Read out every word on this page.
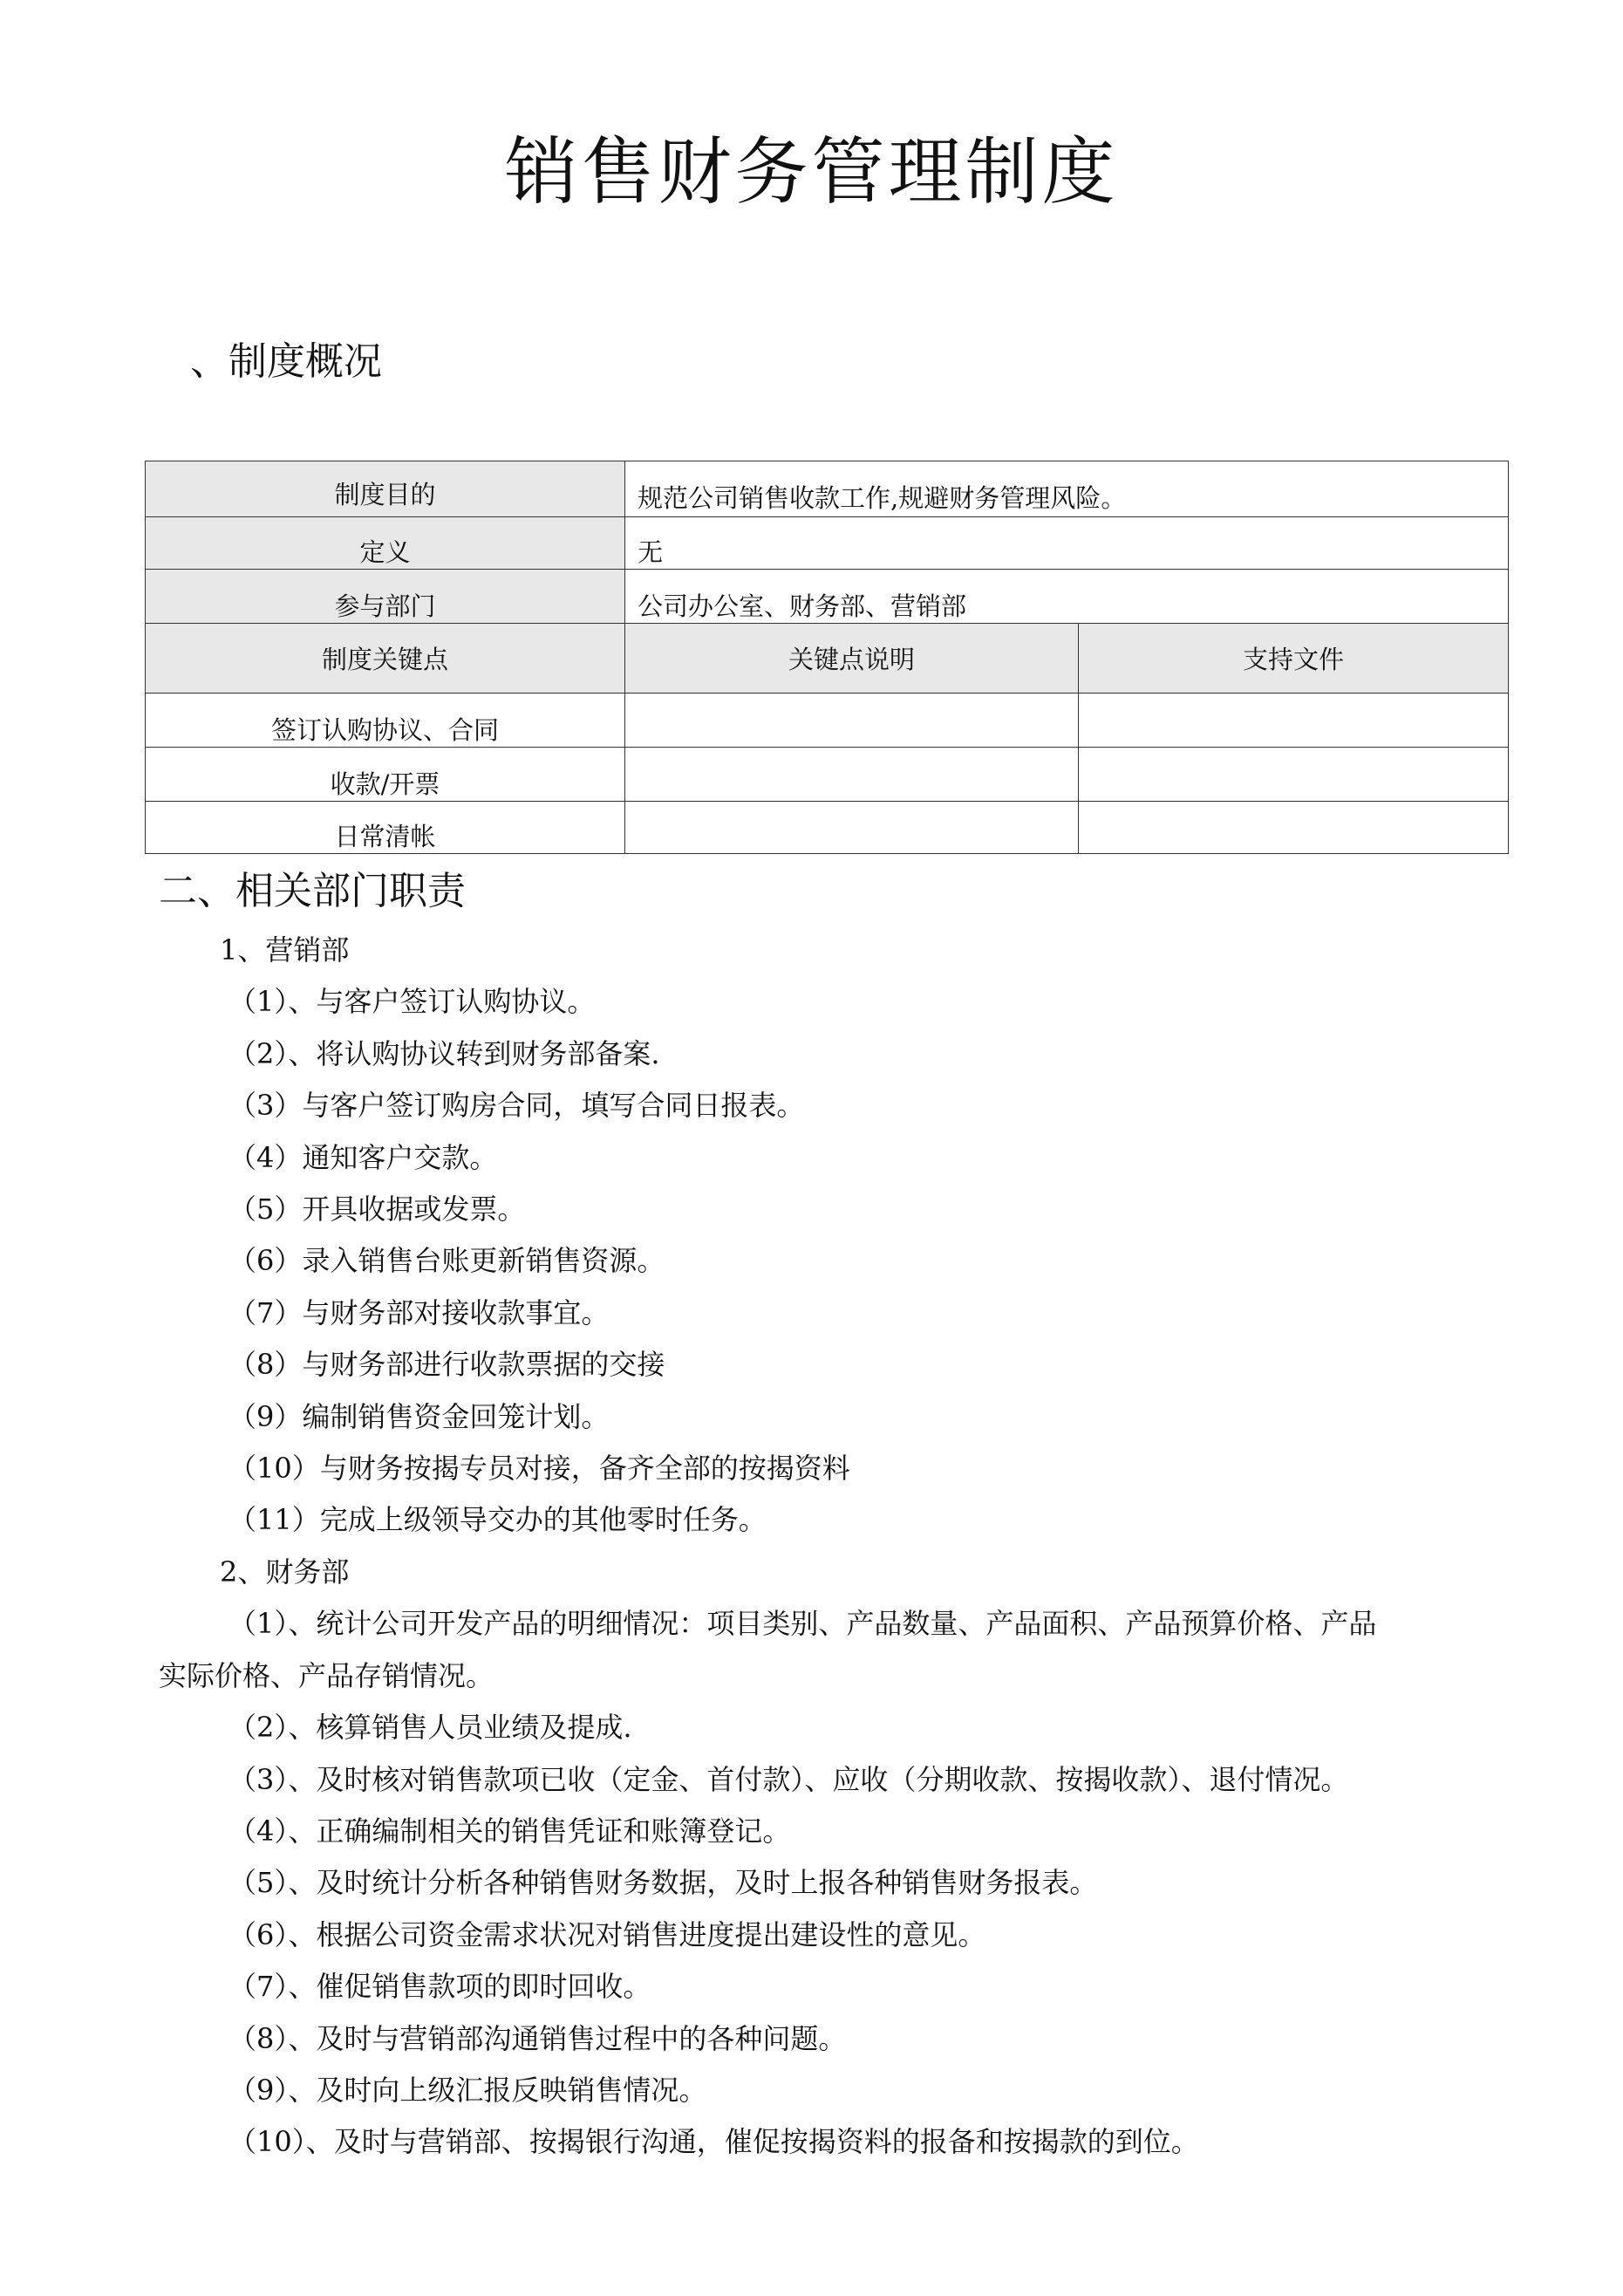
销售财务管理制度
、制度概况
制度目的	规范公司销售收款工作,规避财务管理风险。	
定义	无	
参与部门	公司办公室、财务部、营销部	
制度关键点	关键点说明	支持文件
签订认购协议、合同		
收款/开票		
日常清帐		
二、相关部门职责

1、营销部

（1）、与客户签订认购协议。

（2）、将认购协议转到财务部备案.

（3）与客户签订购房合同，填写合同日报表。

（4）通知客户交款。

（5）开具收据或发票。

（6）录入销售台账更新销售资源。

（7）与财务部对接收款事宜。

（8）与财务部进行收款票据的交接

（9）编制销售资金回笼计划。

（10）与财务按揭专员对接，备齐全部的按揭资料

（11）完成上级领导交办的其他零时任务。

2、财务部

（1）、统计公司开发产品的明细情况：项目类别、产品数量、产品面积、产品预算价格、产品

实际价格、产品存销情况。

（2）、核算销售人员业绩及提成.

（3）、及时核对销售款项已收（定金、首付款）、应收（分期收款、按揭收款）、退付情况。

（4）、正确编制相关的销售凭证和账簿登记。

（5）、及时统计分析各种销售财务数据，及时上报各种销售财务报表。

（6）、根据公司资金需求状况对销售进度提出建设性的意见。

（7）、催促销售款项的即时回收。

（8）、及时与营销部沟通销售过程中的各种问题。

（9）、及时向上级汇报反映销售情况。

（10）、及时与营销部、按揭银行沟通，催促按揭资料的报备和按揭款的到位。
